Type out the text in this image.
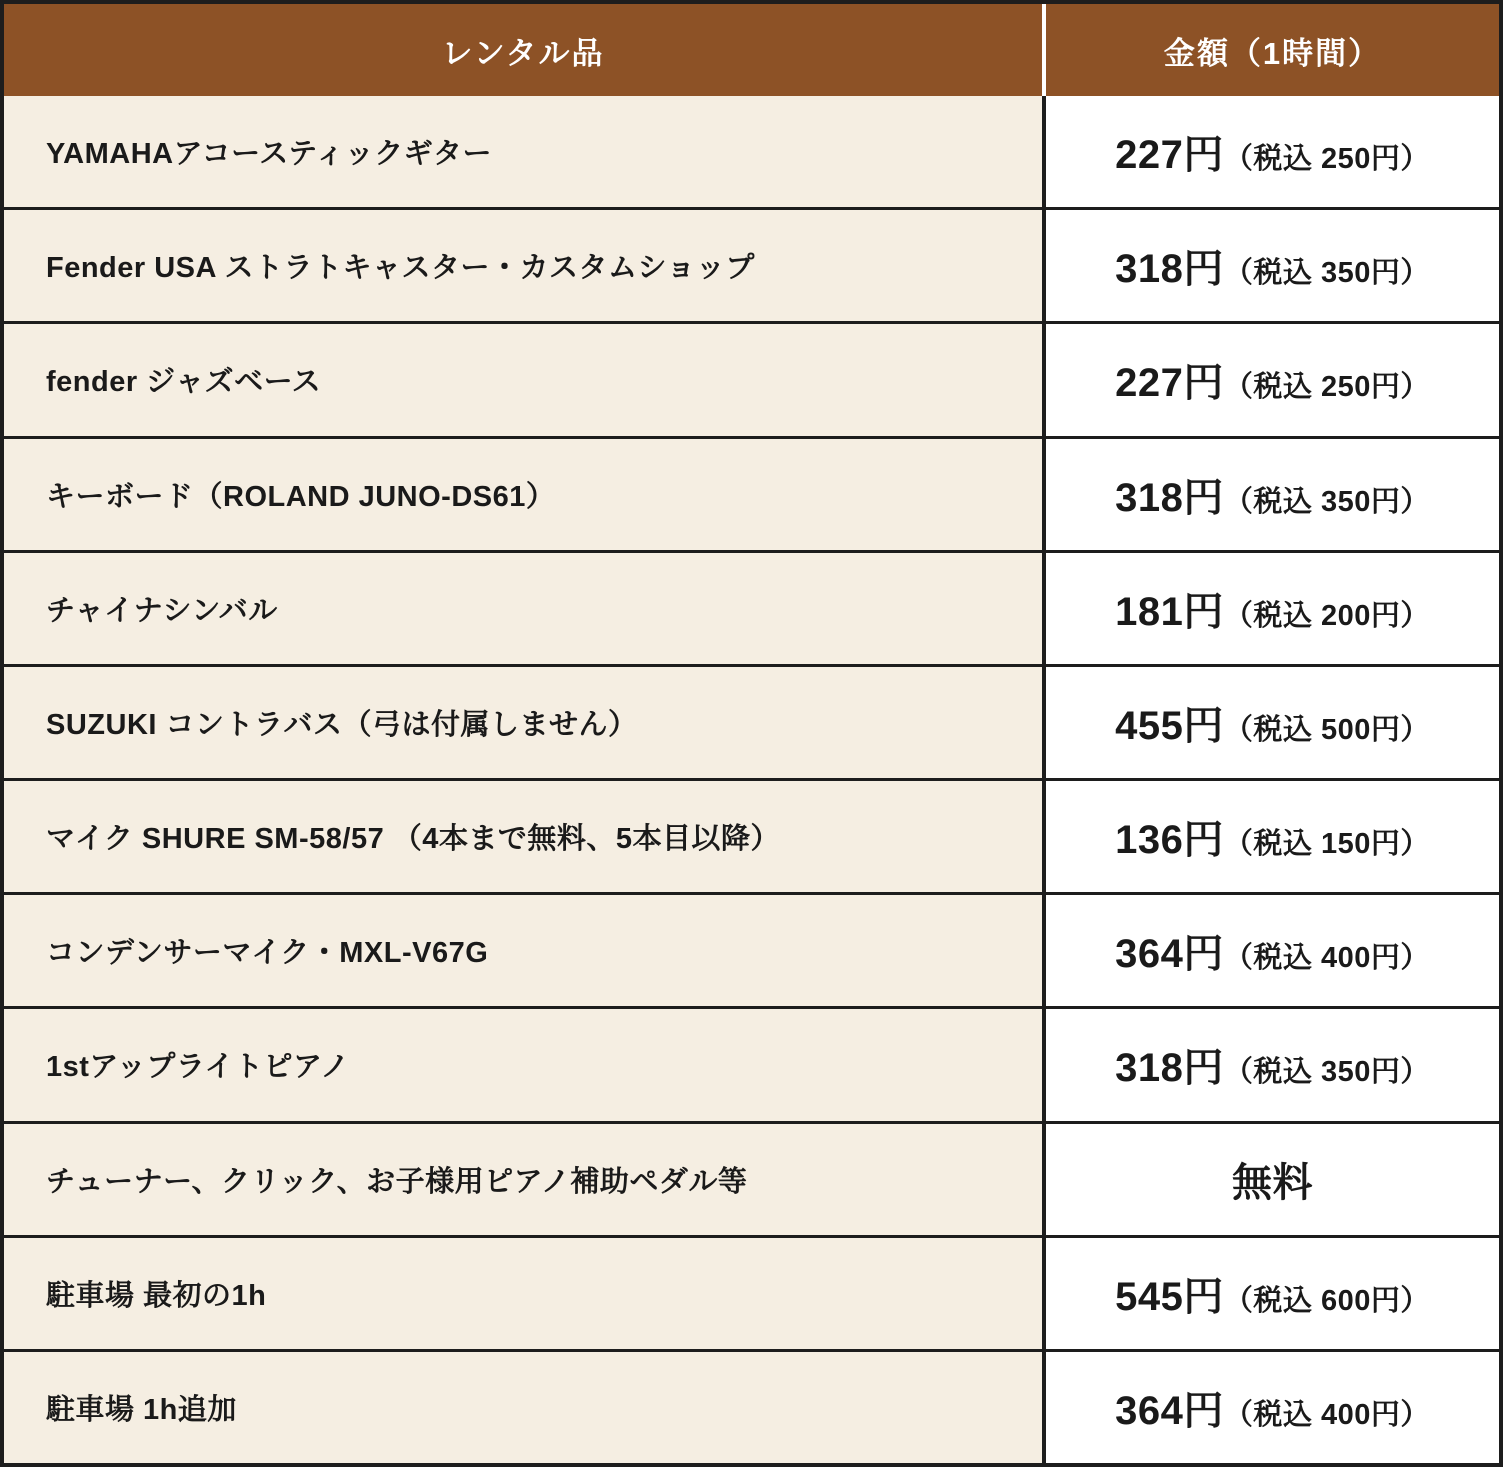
レンタル品	金額（1時間）
YAMAHAアコースティックギター	227円 （税込 250円）
Fender USA ストラトキャスター・カスタムショップ	318円 （税込 350円）
fender ジャズベース	227円 （税込 250円）
キーボード（ROLAND JUNO-DS61）	318円 （税込 350円）
チャイナシンバル	181円 （税込 200円）
SUZUKI コントラバス（弓は付属しません）	455円 （税込 500円）
マイク SHURE SM-58/57 （4本まで無料、5本目以降）	136円 （税込 150円）
コンデンサーマイク・MXL-V67G	364円 （税込 400円）
1stアップライトピアノ	318円 （税込 350円）
チューナー、クリック、お子様用ピアノ補助ペダル等	無料
駐車場 最初の1h	545円 （税込 600円）
駐車場 1h追加	364円 （税込 400円）
